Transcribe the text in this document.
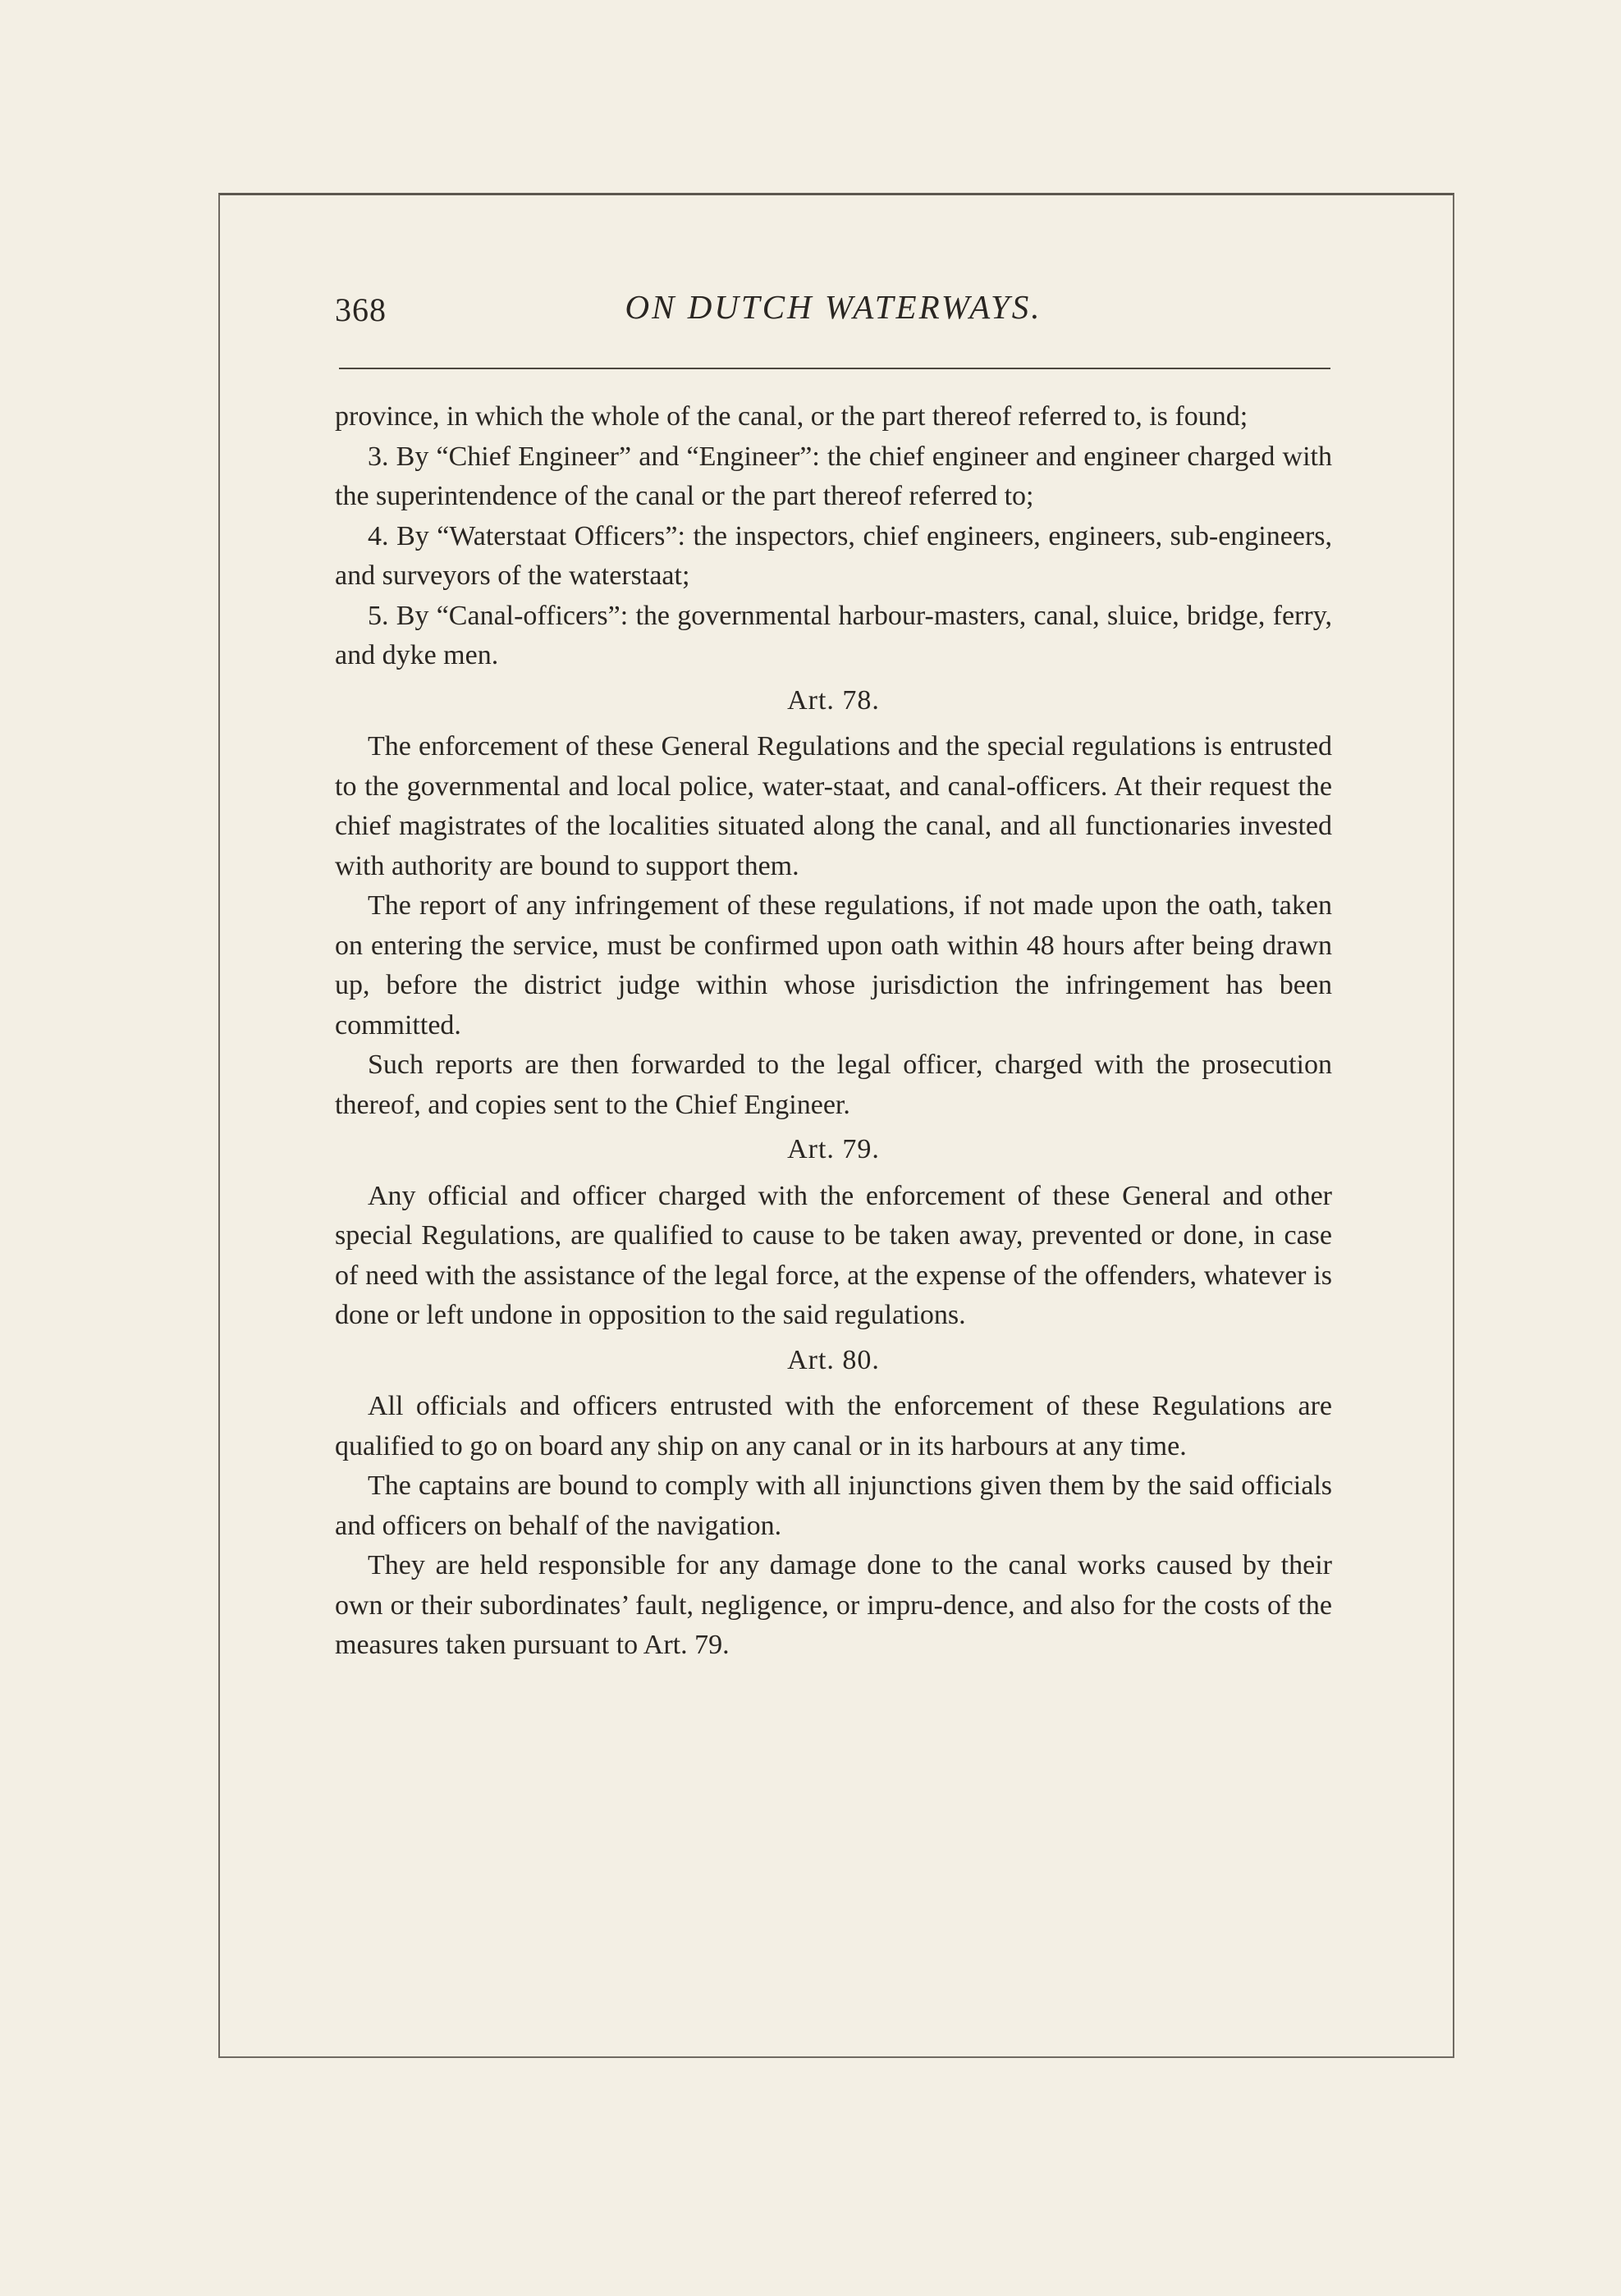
368	ON DUTCH WATERWAYS.

province, in which the whole of the canal, or the part thereof referred to, is found;

3. By “Chief Engineer” and “Engineer”: the chief engineer and engineer charged with the superintendence of the canal or the part thereof referred to;

4. By “Waterstaat Officers”: the inspectors, chief engineers, engineers, sub-engineers, and surveyors of the waterstaat;

5. By “Canal-officers”: the governmental harbour-masters, canal, sluice, bridge, ferry, and dyke men.

Art. 78.

The enforcement of these General Regulations and the special regulations is entrusted to the governmental and local police, water-staat, and canal-officers. At their request the chief magistrates of the localities situated along the canal, and all functionaries invested with authority are bound to support them.

The report of any infringement of these regulations, if not made upon the oath, taken on entering the service, must be confirmed upon oath within 48 hours after being drawn up, before the district judge within whose jurisdiction the infringement has been committed.

Such reports are then forwarded to the legal officer, charged with the prosecution thereof, and copies sent to the Chief Engineer.

Art. 79.

Any official and officer charged with the enforcement of these General and other special Regulations, are qualified to cause to be taken away, prevented or done, in case of need with the assistance of the legal force, at the expense of the offenders, whatever is done or left undone in opposition to the said regulations.

Art. 80.

All officials and officers entrusted with the enforcement of these Regulations are qualified to go on board any ship on any canal or in its harbours at any time.

The captains are bound to comply with all injunctions given them by the said officials and officers on behalf of the navigation.

They are held responsible for any damage done to the canal works caused by their own or their subordinates’ fault, negligence, or impru-dence, and also for the costs of the measures taken pursuant to Art. 79.
